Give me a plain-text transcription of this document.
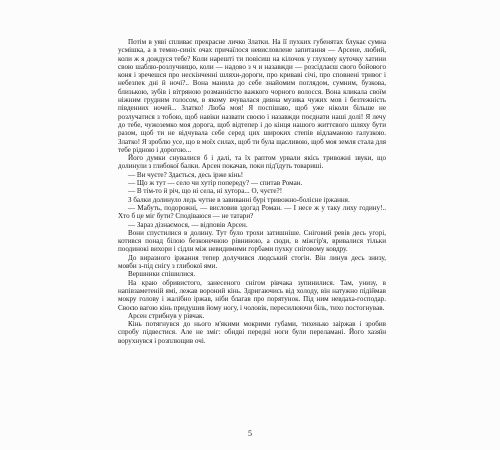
Потім в уяві спливає прекрасне личко Златки. На її пухких губенятах блукає сумна усмішка, а в темно-синіх очах причаїлося невисловлене запитання — Арсене, любий, коли ж я дождуся тебе? Коли нарешті ти повісиш на кілочок у глухому куточку хатини свою шаблю-розлучницю, коли — надово з ч и назавжди — розсідлаєш свого бойового коня і зречешся про нескінченні шляхи-дороги, про криваві січі, про сповнені тривог і небезпек дні й ночі?.. Вона манила до себе знайомим поглядом, сумним, бузкова, близькою, зубів і вітряною розманністю важкого чорного волосся. Вона кликала своїм ніжним грудним голосом, в якому вчувалася дивна музика чужих мов і безтежність південних ночей... Златко! Люба моя! Я поспішаю, щоб уже ніколи більше не розлучатися з тобою, щоб навіки назвати своєю і назавжди поєднати наші долі! Я лечу до тебе, чужоземко моя дорога, щоб відтепер і до кінця нашого життєвого шляху бути разом, щоб ти не відчувала себе серед цих широких степів відламаною галузкою. Златко! Я зроблю усе, що в моїх силах, щоб ти була щасливою, щоб моя земля стала для тебе рідною і дорогою...

Його думки снувалися б і далі, та їх раптом урвали якісь тривожні звуки, що долинули з глибокої балки. Арсен покачав, поки під'їдуть товариші.

— Ви чуєте? Здається, десь ірже кінь!

— Що ж тут — село чи хутір попереду? — спитав Роман.

— В тім-то й річ, що ні села, ні хутора... О, чуєте?!

З балки долинуло ледь чутне в завиванні бурі тривожно-болісне іржання.

— Мабуть, подорожні, — висловив здогад Роман. — І несе ж у таку лиху годину!.. Хто б це міг бути? Сподіваюся — не татари?

— Зараз дізнаємося, — відповів Арсен.

Вони спустилися в долину. Тут було трохи затишніше. Сніговий ревів десь угорі, котився понад білою безконечною рівниною, а сюди, в міжгір'я, вривалися тільки поодинокі вихори і сідли між невидимими горбами пухку сніговому ковдру.

До виразного іржання тепер долучився людський стогін. Він линув десь знизу, мовби з-під снігу з глибокої ями.

Вершники спішилися.

На краю обривистого, занесеного снігом рівчака зупинилися. Там, унизу, в напівзаметеній ямі, лежав вороний кінь. Здригаючись від холоду, він натужно підіймав мокру голову і жалібно іржав, ніби благав про порятунок. Під ним невдаха-господар. Своєю вагою кінь придушив йому ногу, і чоловік, пересилюючи біль, тихо постогнував.

Арсен стрибнув у рівчак.

Кінь потягнувся до нього м'якими мокрими губами, тихенько заіржав і зробив спробу підвестися. Але не зміг: обидві передні ноги були переламані. Його хазяїн ворухнувся і розплющив очі.

5
